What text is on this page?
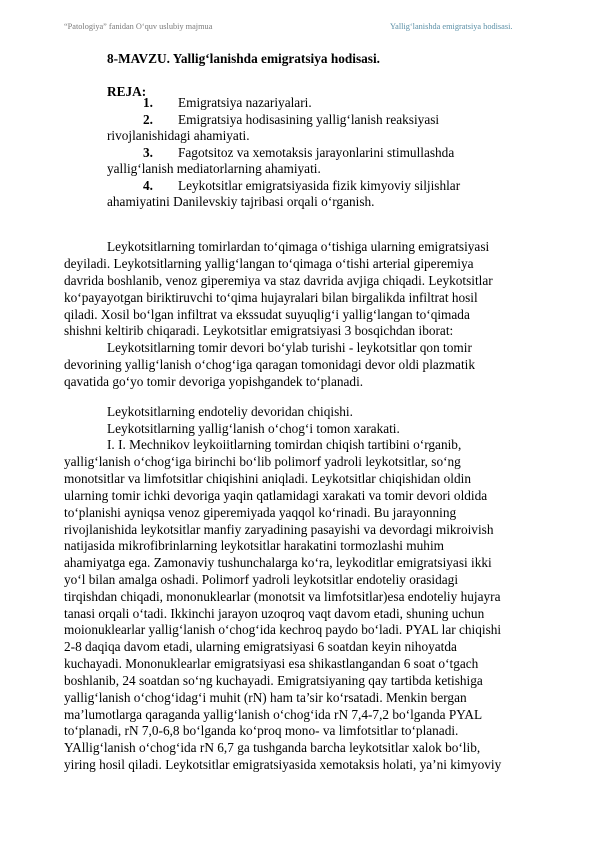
“Patologiya” fanidan O‘quv uslubiy majmua	Yallig‘lanishda emigratsiya hodisasi.
8-MAVZU. Yallig‘lanishda emigratsiya hodisasi.
REJA:
1. Emigratsiya nazariyalari.
2. Emigratsiya hodisasining yallig‘lanish reaksiyasi
rivojlanishidagi ahamiyati.
3. Fagotsitoz va xemotaksis jarayonlarini stimullashda
yallig‘lanish mediatorlarning ahamiyati.
4. Leykotsitlar emigratsiyasida fizik kimyoviy siljishlar
ahamiyatini Danilevskiy tajribasi orqali o‘rganish.
Leykotsitlarning tomirlardan to‘qimaga o‘tishiga ularning emigratsiyasi
deyiladi. Leykotsitlarning yallig‘langan to‘qimaga o‘tishi arterial giperemiya
davrida boshlanib, venoz giperemiya va staz davrida avjiga chiqadi. Leykotsitlar
ko‘payayotgan biriktiruvchi to‘qima hujayralari bilan birgalikda infiltrat hosil
qiladi. Xosil bo‘lgan infiltrat va ekssudat suyuqlig‘i yallig‘langan to‘qimada
shishni keltirib chiqaradi. Leykotsitlar emigratsiyasi 3 bosqichdan iborat:
Leykotsitlarning tomir devori bo‘ylab turishi - leykotsitlar qon tomir
devorining yallig‘lanish o‘chog‘iga qaragan tomonidagi devor oldi plazmatik
qavatida go‘yo tomir devoriga yopishgandek to‘planadi.
Leykotsitlarning endoteliy devoridan chiqishi.
Leykotsitlarning yallig‘lanish o‘chog‘i tomon xarakati.
I. I. Mechnikov leykoiitlarning tomirdan chiqish tartibini o‘rganib,
yallig‘lanish o‘chog‘iga birinchi bo‘lib polimorf yadroli leykotsitlar, so‘ng
monotsitlar va limfotsitlar chiqishini aniqladi. Leykotsitlar chiqishidan oldin
ularning tomir ichki devoriga yaqin qatlamidagi xarakati va tomir devori oldida
to‘planishi ayniqsa venoz giperemiyada yaqqol ko‘rinadi. Bu jarayonning
rivojlanishida leykotsitlar manfiy zaryadining pasayishi va devordagi mikroivish
natijasida mikrofibrinlarning leykotsitlar harakatini tormozlashi muhim
ahamiyatga ega. Zamonaviy tushunchalarga ko‘ra, leykoditlar emigratsiyasi ikki
yo‘l bilan amalga oshadi. Polimorf yadroli leykotsitlar endoteliy orasidagi
tirqishdan chiqadi, mononuklearlar (monotsit va limfotsitlar)esa endoteliy hujayra
tanasi orqali o‘tadi. Ikkinchi jarayon uzoqroq vaqt davom etadi, shuning uchun
moionuklearlar yallig‘lanish o‘chog‘ida kechroq paydo bo‘ladi. PYAL lar chiqishi
2-8 daqiqa davom etadi, ularning emigratsiyasi 6 soatdan keyin nihoyatda
kuchayadi. Mononuklearlar emigratsiyasi esa shikastlangandan 6 soat o‘tgach
boshlanib, 24 soatdan so‘ng kuchayadi. Emigratsiyaning qay tartibda ketishiga
yallig‘lanish o‘chog‘idag‘i muhit (rN) ham ta’sir ko‘rsatadi. Menkin bergan
ma’lumotlarga qaraganda yallig‘lanish o‘chog‘ida rN 7,4-7,2 bo‘lganda PYAL
to‘planadi, rN 7,0-6,8 bo‘lganda ko‘proq mono- va limfotsitlar to‘planadi.
YAllig‘lanish o‘chog‘ida rN 6,7 ga tushganda barcha leykotsitlar xalok bo‘lib,
yiring hosil qiladi. Leykotsitlar emigratsiyasida xemotaksis holati, ya’ni kimyoviy
